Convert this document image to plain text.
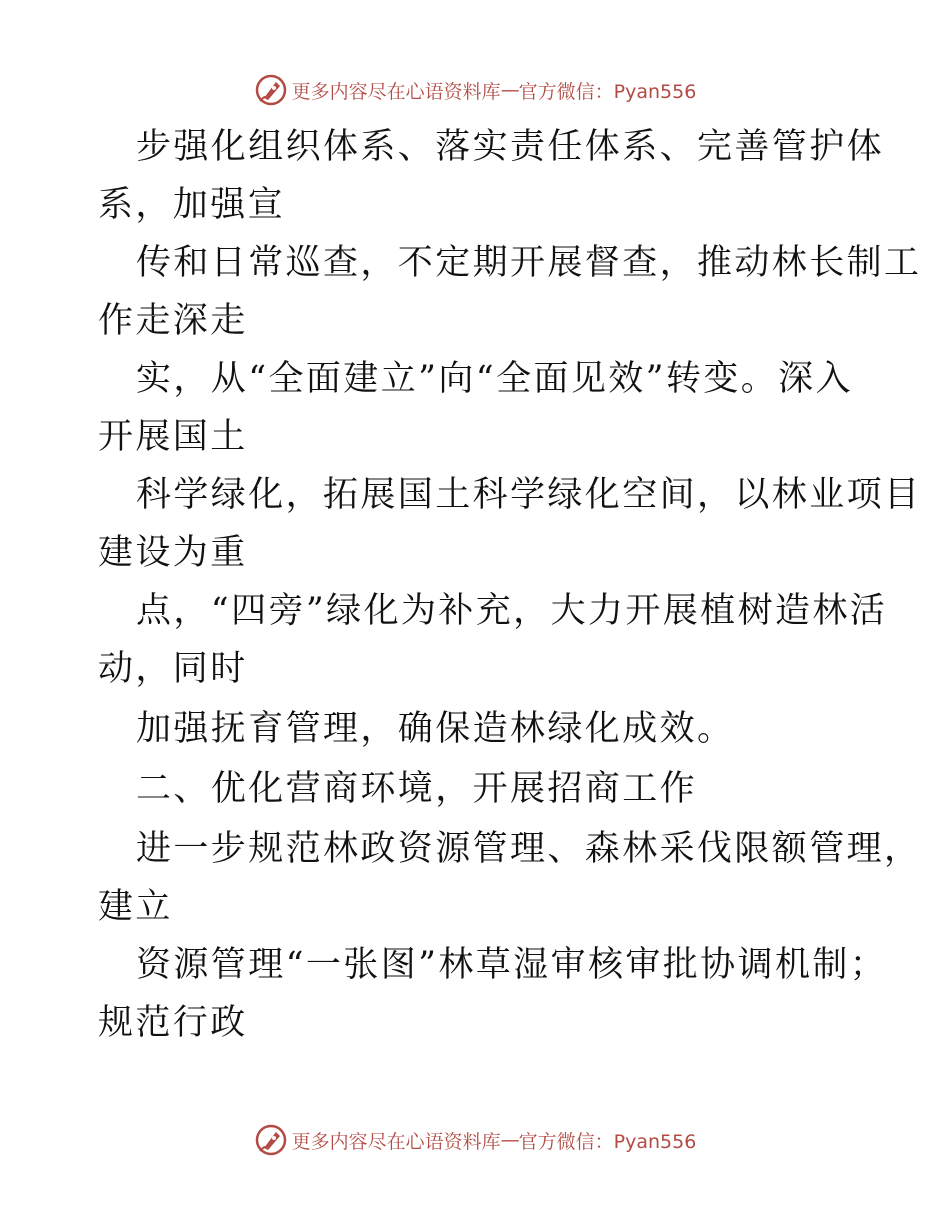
更多内容尽在心语资料库 — 官方微信：Pyan556
步强化组织体系、落实责任体系、完善管护体
系，加强宣
传和日常巡查，不定期开展督查，推动林长制工
作走深走
实，从“全面建立”向“全面见效”转变。深入
开展国土
科学绿化，拓展国土科学绿化空间，以林业项目
建设为重
点，“四旁”绿化为补充，大力开展植树造林活
动，同时
加强抚育管理，确保造林绿化成效。
二、优化营商环境，开展招商工作
进一步规范林政资源管理、森林采伐限额管理，
建立
资源管理“一张图”林草湿审核审批协调机制；
规范行政
更多内容尽在心语资料库 — 官方微信：Pyan556
